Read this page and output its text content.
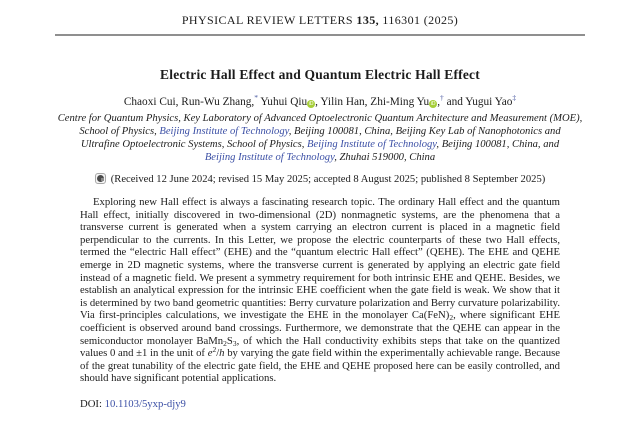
PHYSICAL REVIEW LETTERS 135, 116301 (2025)
Electric Hall Effect and Quantum Electric Hall Effect
Chaoxi Cui, Run-Wu Zhang,* Yuhui Qiu iD , Yilin Han, Zhi-Ming Yu iD ,† and Yugui Yao‡
Centre for Quantum Physics, Key Laboratory of Advanced Optoelectronic Quantum Architecture and Measurement (MOE),
School of Physics, Beijing Institute of Technology, Beijing 100081, China, Beijing Key Lab of Nanophotonics and
Ultrafine Optoelectronic Systems, School of Physics, Beijing Institute of Technology, Beijing 100081, China, and
Beijing Institute of Technology, Zhuhai 519000, China
(Received 12 June 2024; revised 15 May 2025; accepted 8 August 2025; published 8 September 2025)

Exploring new Hall effect is always a fascinating research topic. The ordinary Hall effect and the quantum Hall effect, initially discovered in two-dimensional (2D) nonmagnetic systems, are the phenomena that a transverse current is generated when a system carrying an electron current is placed in a magnetic field perpendicular to the currents. In this Letter, we propose the electric counterparts of these two Hall effects, termed the “electric Hall effect” (EHE) and the “quantum electric Hall effect” (QEHE). The EHE and QEHE emerge in 2D magnetic systems, where the transverse current is generated by applying an electric gate field instead of a magnetic field. We present a symmetry requirement for both intrinsic EHE and QEHE. Besides, we establish an analytical expression for the intrinsic EHE coefficient when the gate field is weak. We show that it is determined by two band geometric quantities: Berry curvature polarization and Berry curvature polarizability. Via first-principles calculations, we investigate the EHE in the monolayer $Ca(FeN)_2$, where significant EHE coefficient is observed around band crossings. Furthermore, we demonstrate that the QEHE can appear in the semiconductor monolayer $BaMn_2S_3$, of which the Hall conductivity exhibits steps that take on the quantized values 0 and ±1 in the unit of $e^2/h$ by varying the gate field within the experimentally achievable range. Because of the great tunability of the electric gate field, the EHE and QEHE proposed here can be easily controlled, and should have significant potential applications.

DOI: 10.1103/5yxp-djy9
